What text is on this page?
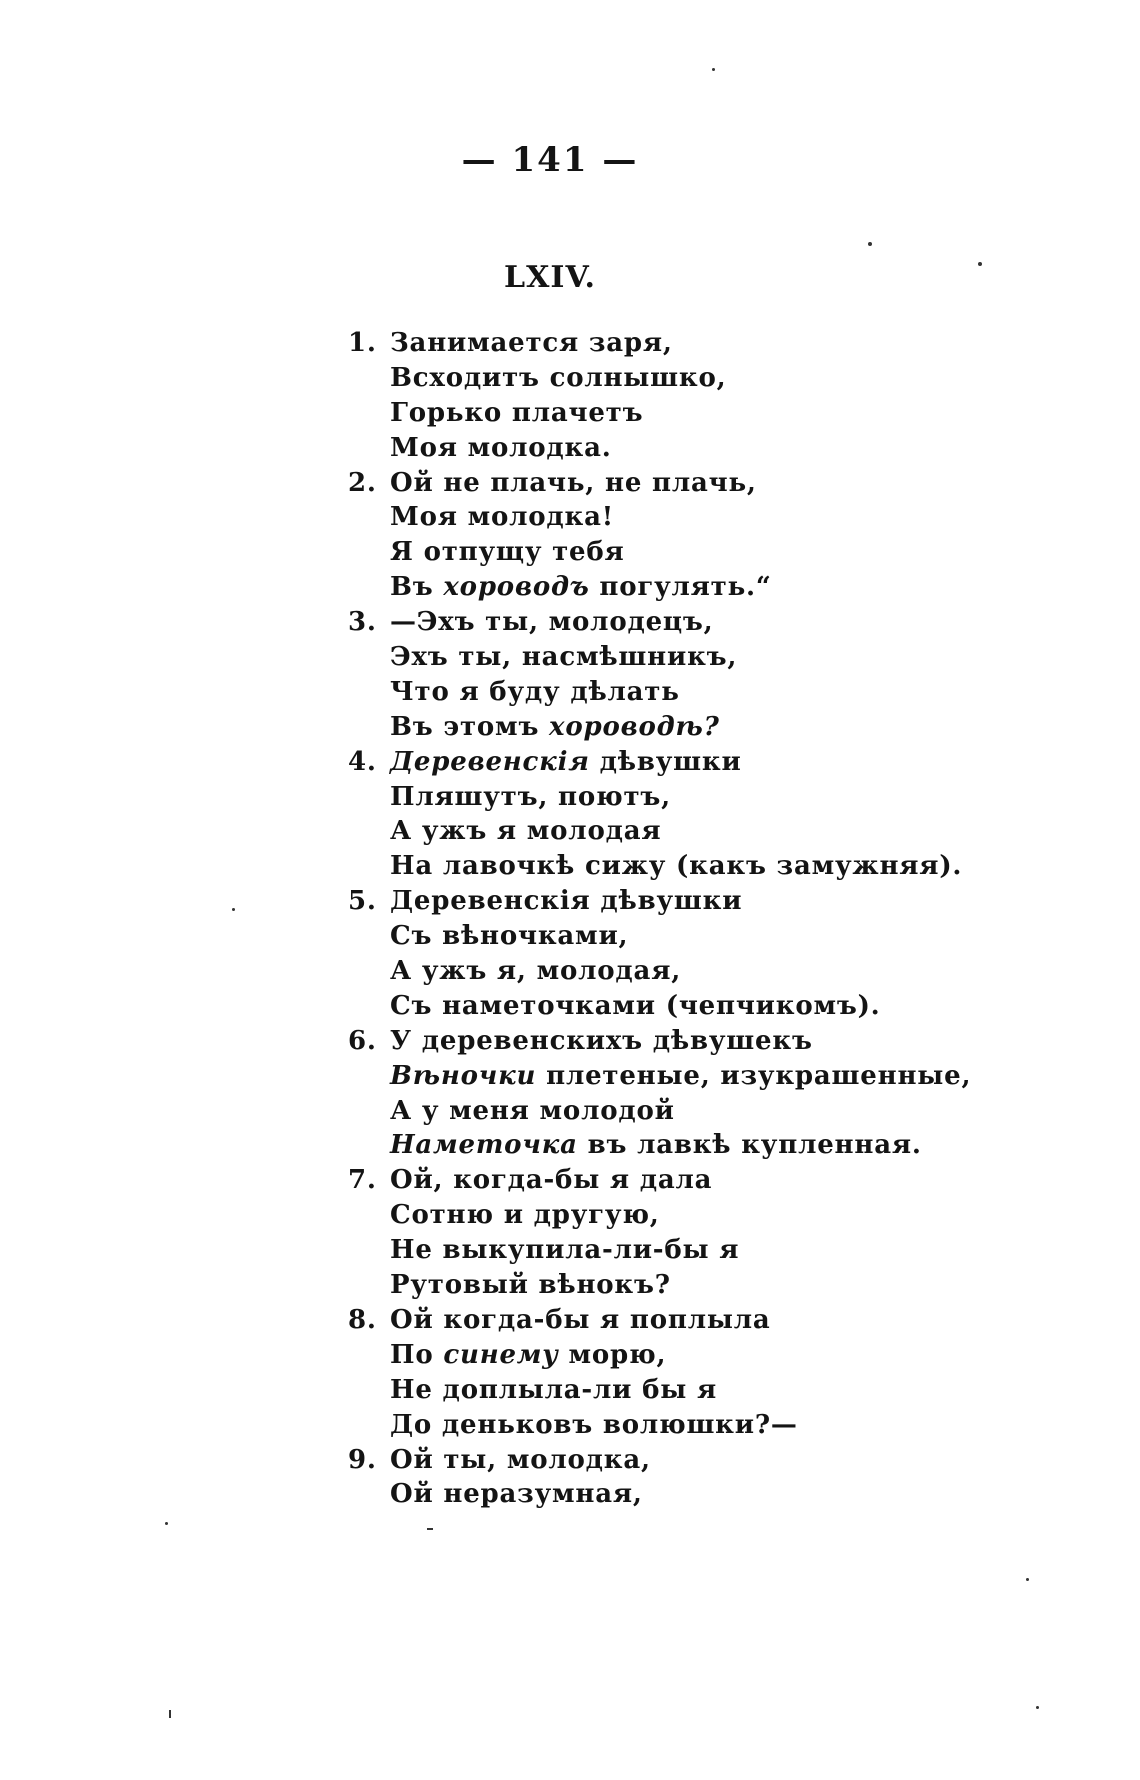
— 141 —
LXIV.
1. Занимается заря,
Всходитъ солнышко,
Горько плачетъ
Моя молодка.
2. Ой не плачь, не плачь,
Моя молодка!
Я отпущу тебя
Въ хороводъ погулять.“
3. —Эхъ ты, молодецъ,
Эхъ ты, насмѣшникъ,
Что я буду дѣлать
Въ этомъ хороводѣ?
4. Деревенскія дѣвушки
Пляшутъ, поютъ,
А ужъ я молодая
На лавочкѣ сижу (какъ замужняя).
5. Деревенскія дѣвушки
Съ вѣночками,
А ужъ я, молодая,
Съ наметочками (чепчикомъ).
6. У деревенскихъ дѣвушекъ
Вѣночки плетеные, изукрашенные,
А у меня молодой
Наметочка въ лавкѣ купленная.
7. Ой, когда-бы я дала
Сотню и другую,
Не выкупила-ли-бы я
Рутовый вѣнокъ?
8. Ой когда-бы я поплыла
По синему морю,
Не доплыла-ли бы я
До деньковъ волюшки?—
9. Ой ты, молодка,
Ой неразумная,
